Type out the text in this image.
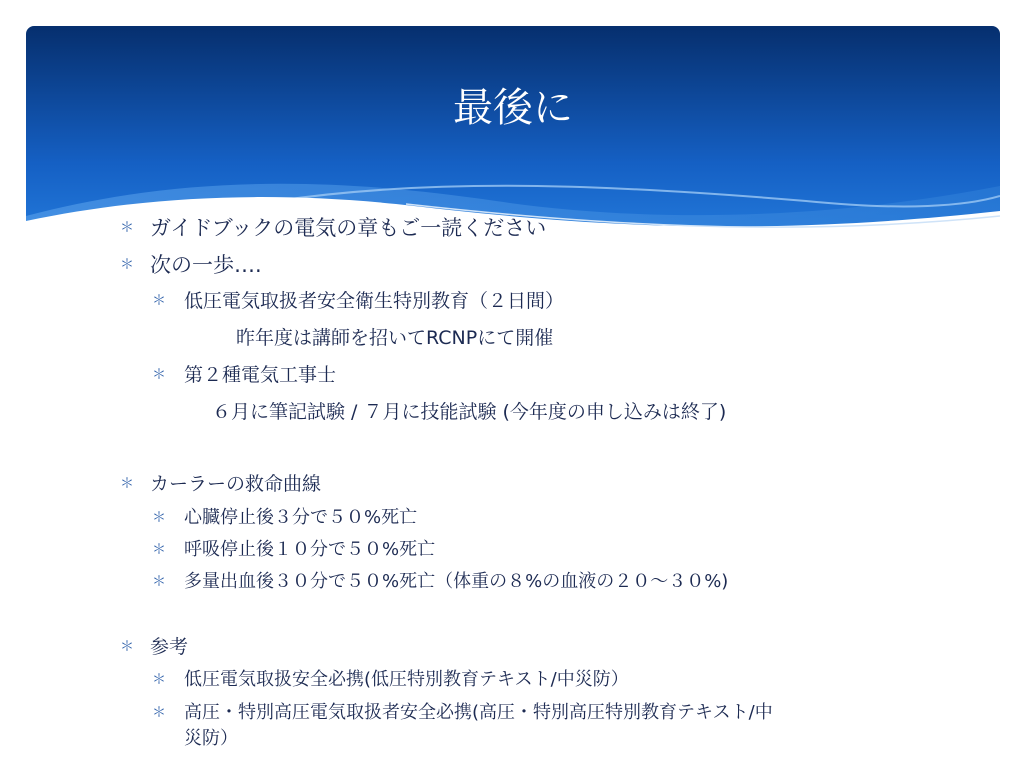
最後に
＊ ガイドブックの電気の章もご一読ください
＊ 次の一歩….
＊ 低圧電気取扱者安全衛生特別教育（２日間）
昨年度は講師を招いてRCNPにて開催
＊ 第２種電気工事士
６月に筆記試験 / ７月に技能試験 (今年度の申し込みは終了)
＊ カーラーの救命曲線
＊ 心臓停止後３分で５０%死亡
＊ 呼吸停止後１０分で５０%死亡
＊ 多量出血後３０分で５０%死亡（体重の８%の血液の２０～３０%)
＊ 参考
＊ 低圧電気取扱安全必携(低圧特別教育テキスト/中災防）
＊ 高圧・特別高圧電気取扱者安全必携(高圧・特別高圧特別教育テキスト/中
災防）
